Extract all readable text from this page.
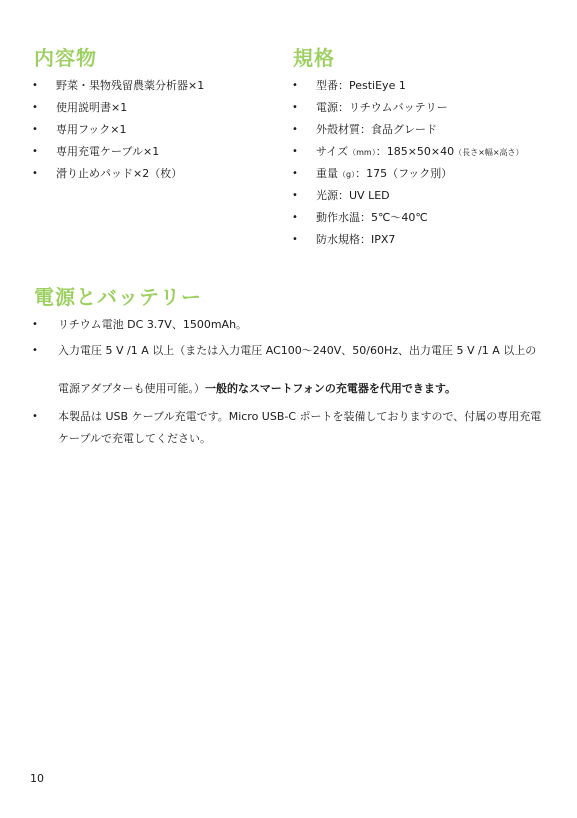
内容物
• 野菜・果物残留農薬分析器×1
• 使用説明書×1
• 専用フック×1
• 専用充電ケーブル×1
• 滑り止めパッド×2（枚）
規格
• 型番：PestiEye 1
• 電源：リチウムバッテリー
• 外殻材質：食品グレード
• サイズ（mm）：185×50×40（長さ×幅×高さ）
• 重量（g）：175（フック別）
• 光源：UV LED
• 動作水温：5℃〜40℃
• 防水規格：IPX7
電源とバッテリー
• リチウム電池 DC 3.7V、1500mAh。
• 入力電圧 5 V /1 A 以上（または入力電圧 AC100〜240V、50/60Hz、出力電圧 5 V /1 A 以上の
電源アダプターも使用可能。）一般的なスマートフォンの充電器を代用できます。
• 本製品は USB ケーブル充電です。Micro USB-C ポートを装備しておりますので、付属の専用充電ケーブルで充電してください。
10
